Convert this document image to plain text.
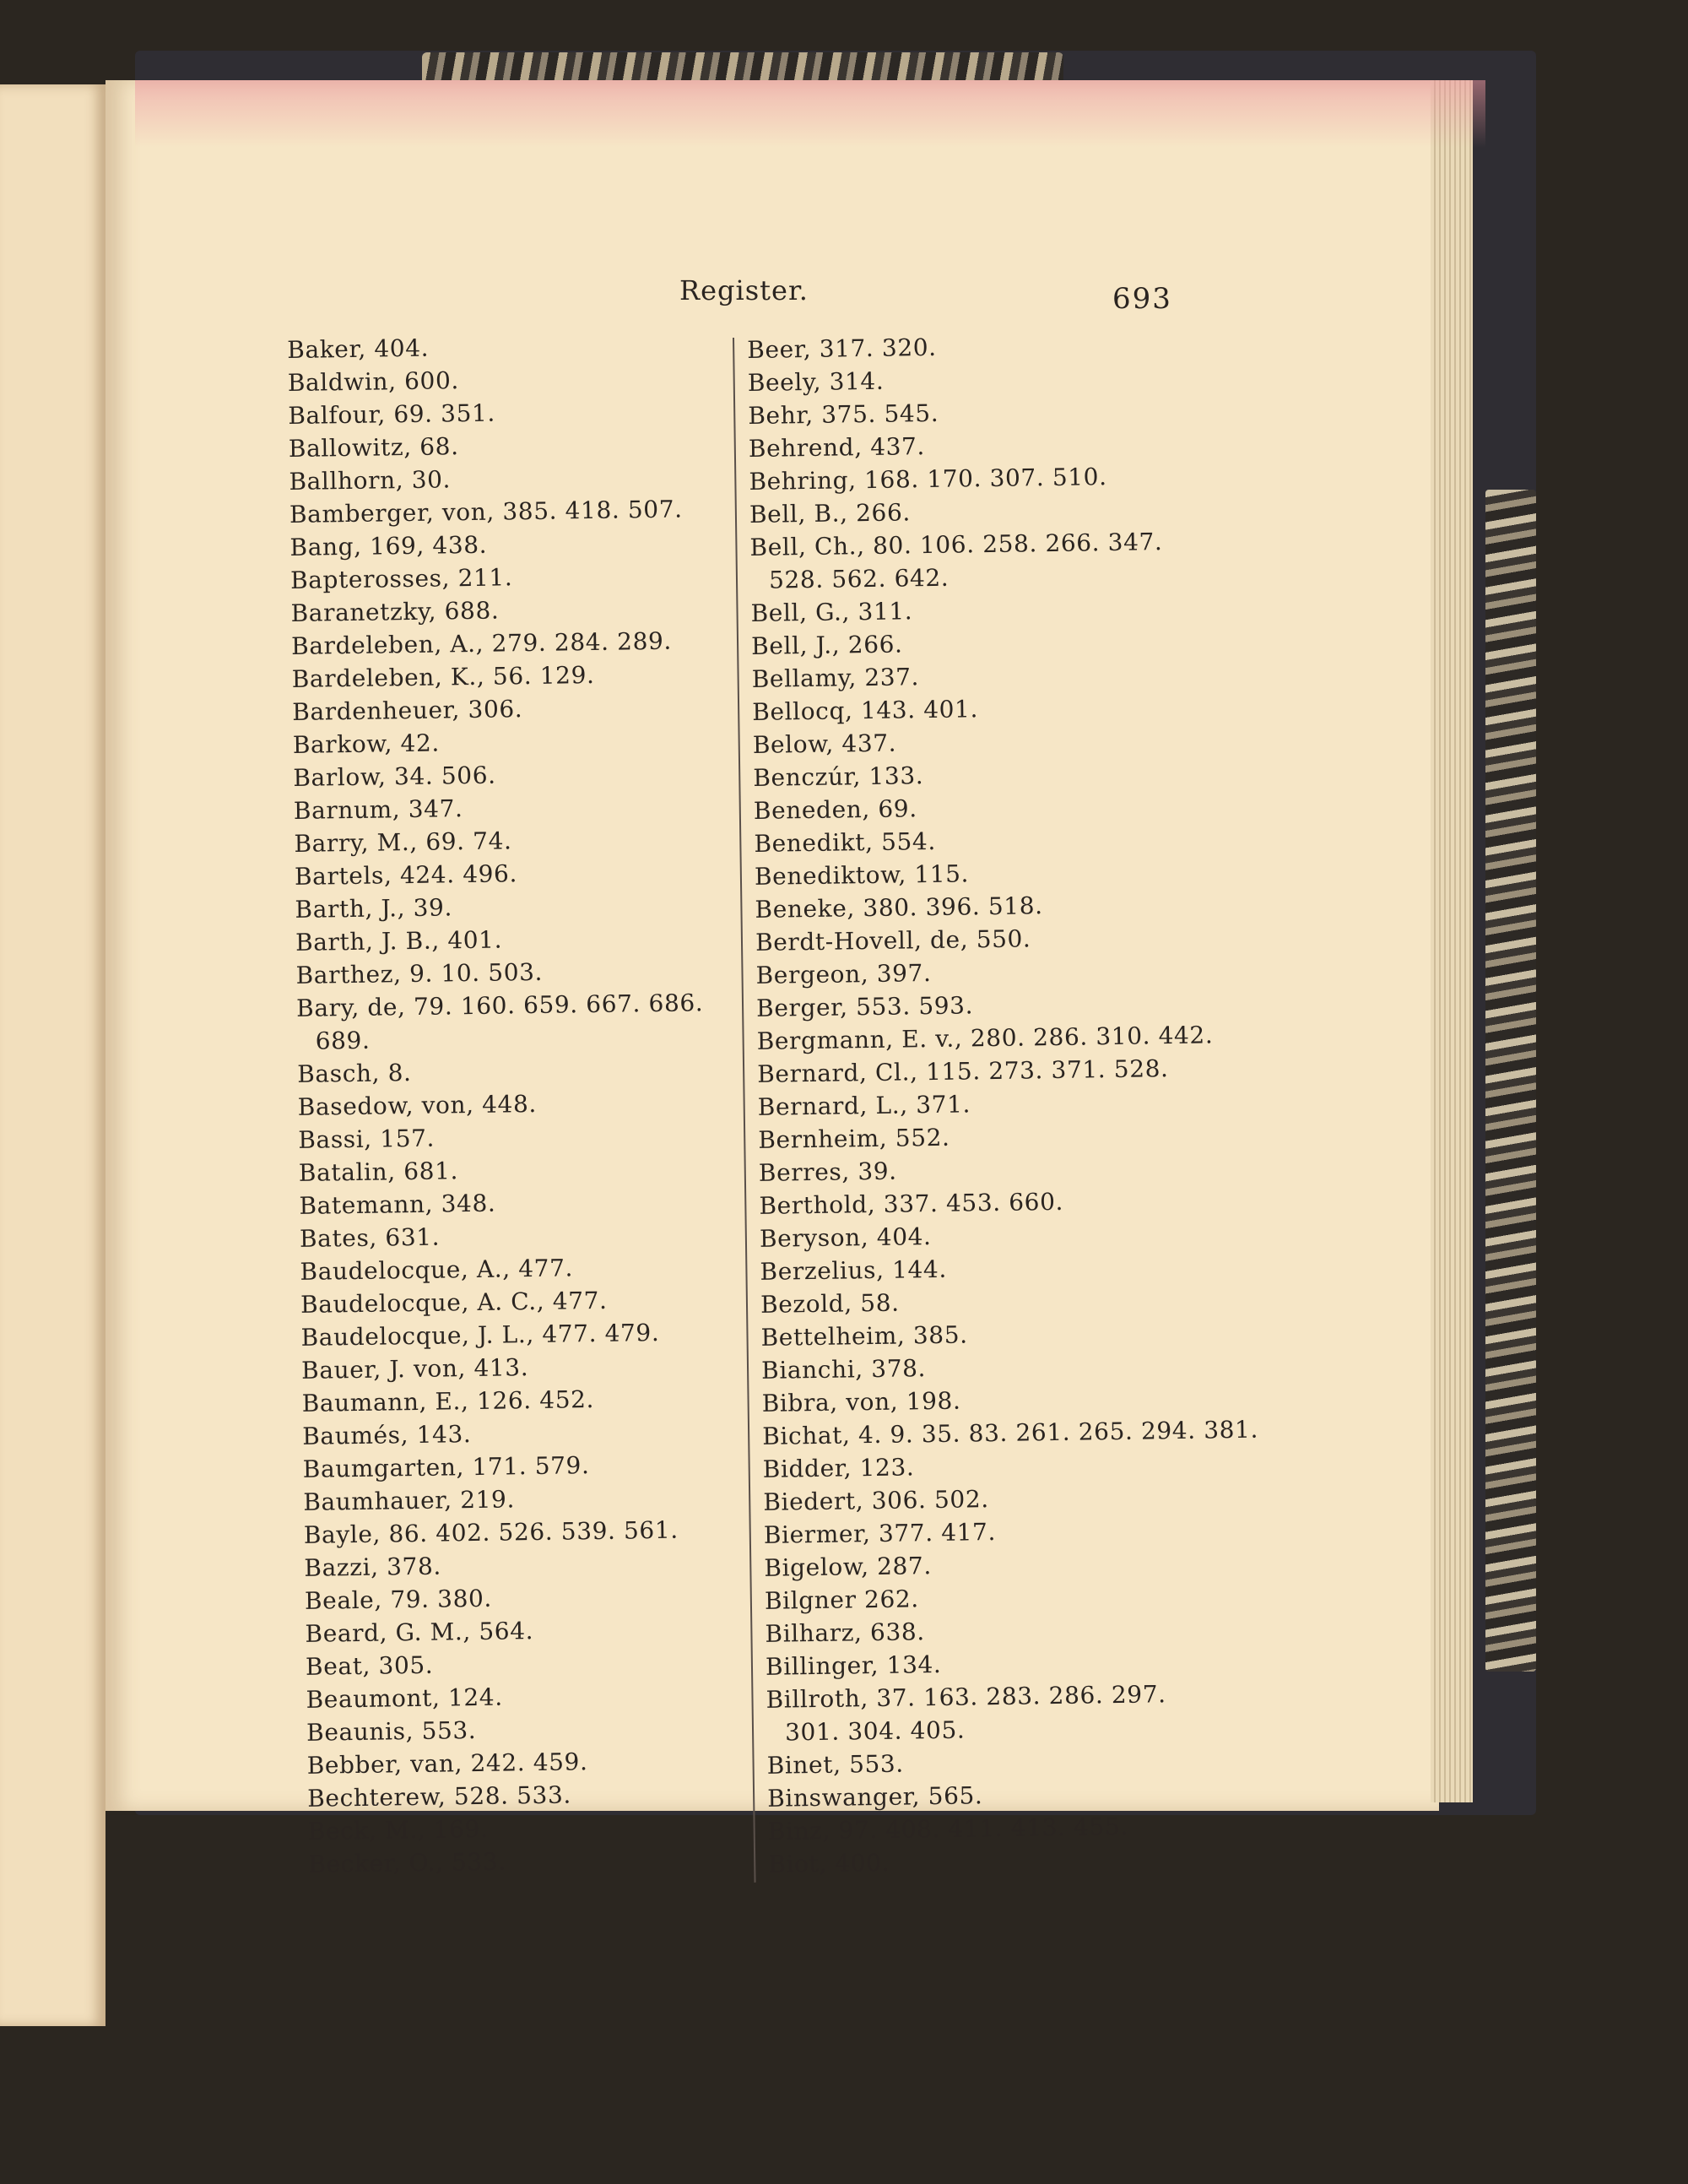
Register.	693
Baker, 404.
Baldwin, 600.
Balfour, 69. 351.
Ballowitz, 68.
Ballhorn, 30.
Bamberger, von, 385. 418. 507.
Bang, 169, 438.
Bapterosses, 211.
Baranetzky, 688.
Bardeleben, A., 279. 284. 289.
Bardeleben, K., 56. 129.
Bardenheuer, 306.
Barkow, 42.
Barlow, 34. 506.
Barnum, 347.
Barry, M., 69. 74.
Bartels, 424. 496.
Barth, J., 39.
Barth, J. B., 401.
Barthez, 9. 10. 503.
Bary, de, 79. 160. 659. 667. 686.
689.
Basch, 8.
Basedow, von, 448.
Bassi, 157.
Batalin, 681.
Batemann, 348.
Bates, 631.
Baudelocque, A., 477.
Baudelocque, A. C., 477.
Baudelocque, J. L., 477. 479.
Bauer, J. von, 413.
Baumann, E., 126. 452.
Baumés, 143.
Baumgarten, 171. 579.
Baumhauer, 219.
Bayle, 86. 402. 526. 539. 561.
Bazzi, 378.
Beale, 79. 380.
Beard, G. M., 564.
Beat, 305.
Beaumont, 124.
Beaunis, 553.
Bebber, van, 242. 459.
Bechterew, 528. 533.
Beck, M., 169.
Becker, O., 533.
Beer, 317. 320.
Beely, 314.
Behr, 375. 545.
Behrend, 437.
Behring, 168. 170. 307. 510.
Bell, B., 266.
Bell, Ch., 80. 106. 258. 266. 347.
528. 562. 642.
Bell, G., 311.
Bell, J., 266.
Bellamy, 237.
Bellocq, 143. 401.
Below, 437.
Benczúr, 133.
Beneden, 69.
Benedikt, 554.
Benediktow, 115.
Beneke, 380. 396. 518.
Berdt-Hovell, de, 550.
Bergeon, 397.
Berger, 553. 593.
Bergmann, E. v., 280. 286. 310. 442.
Bernard, Cl., 115. 273. 371. 528.
Bernard, L., 371.
Bernheim, 552.
Berres, 39.
Berthold, 337. 453. 660.
Beryson, 404.
Berzelius, 144.
Bezold, 58.
Bettelheim, 385.
Bianchi, 378.
Bibra, von, 198.
Bichat, 4. 9. 35. 83. 261. 265. 294. 381.
Bidder, 123.
Biedert, 306. 502.
Biermer, 377. 417.
Bigelow, 287.
Bilgner 262.
Bilharz, 638.
Billinger, 134.
Billroth, 37. 163. 283. 286. 297.
301. 304. 405.
Binet, 553.
Binswanger, 565.
Binz, 97. 408. 411. 413. 455.
Biot, 400.
